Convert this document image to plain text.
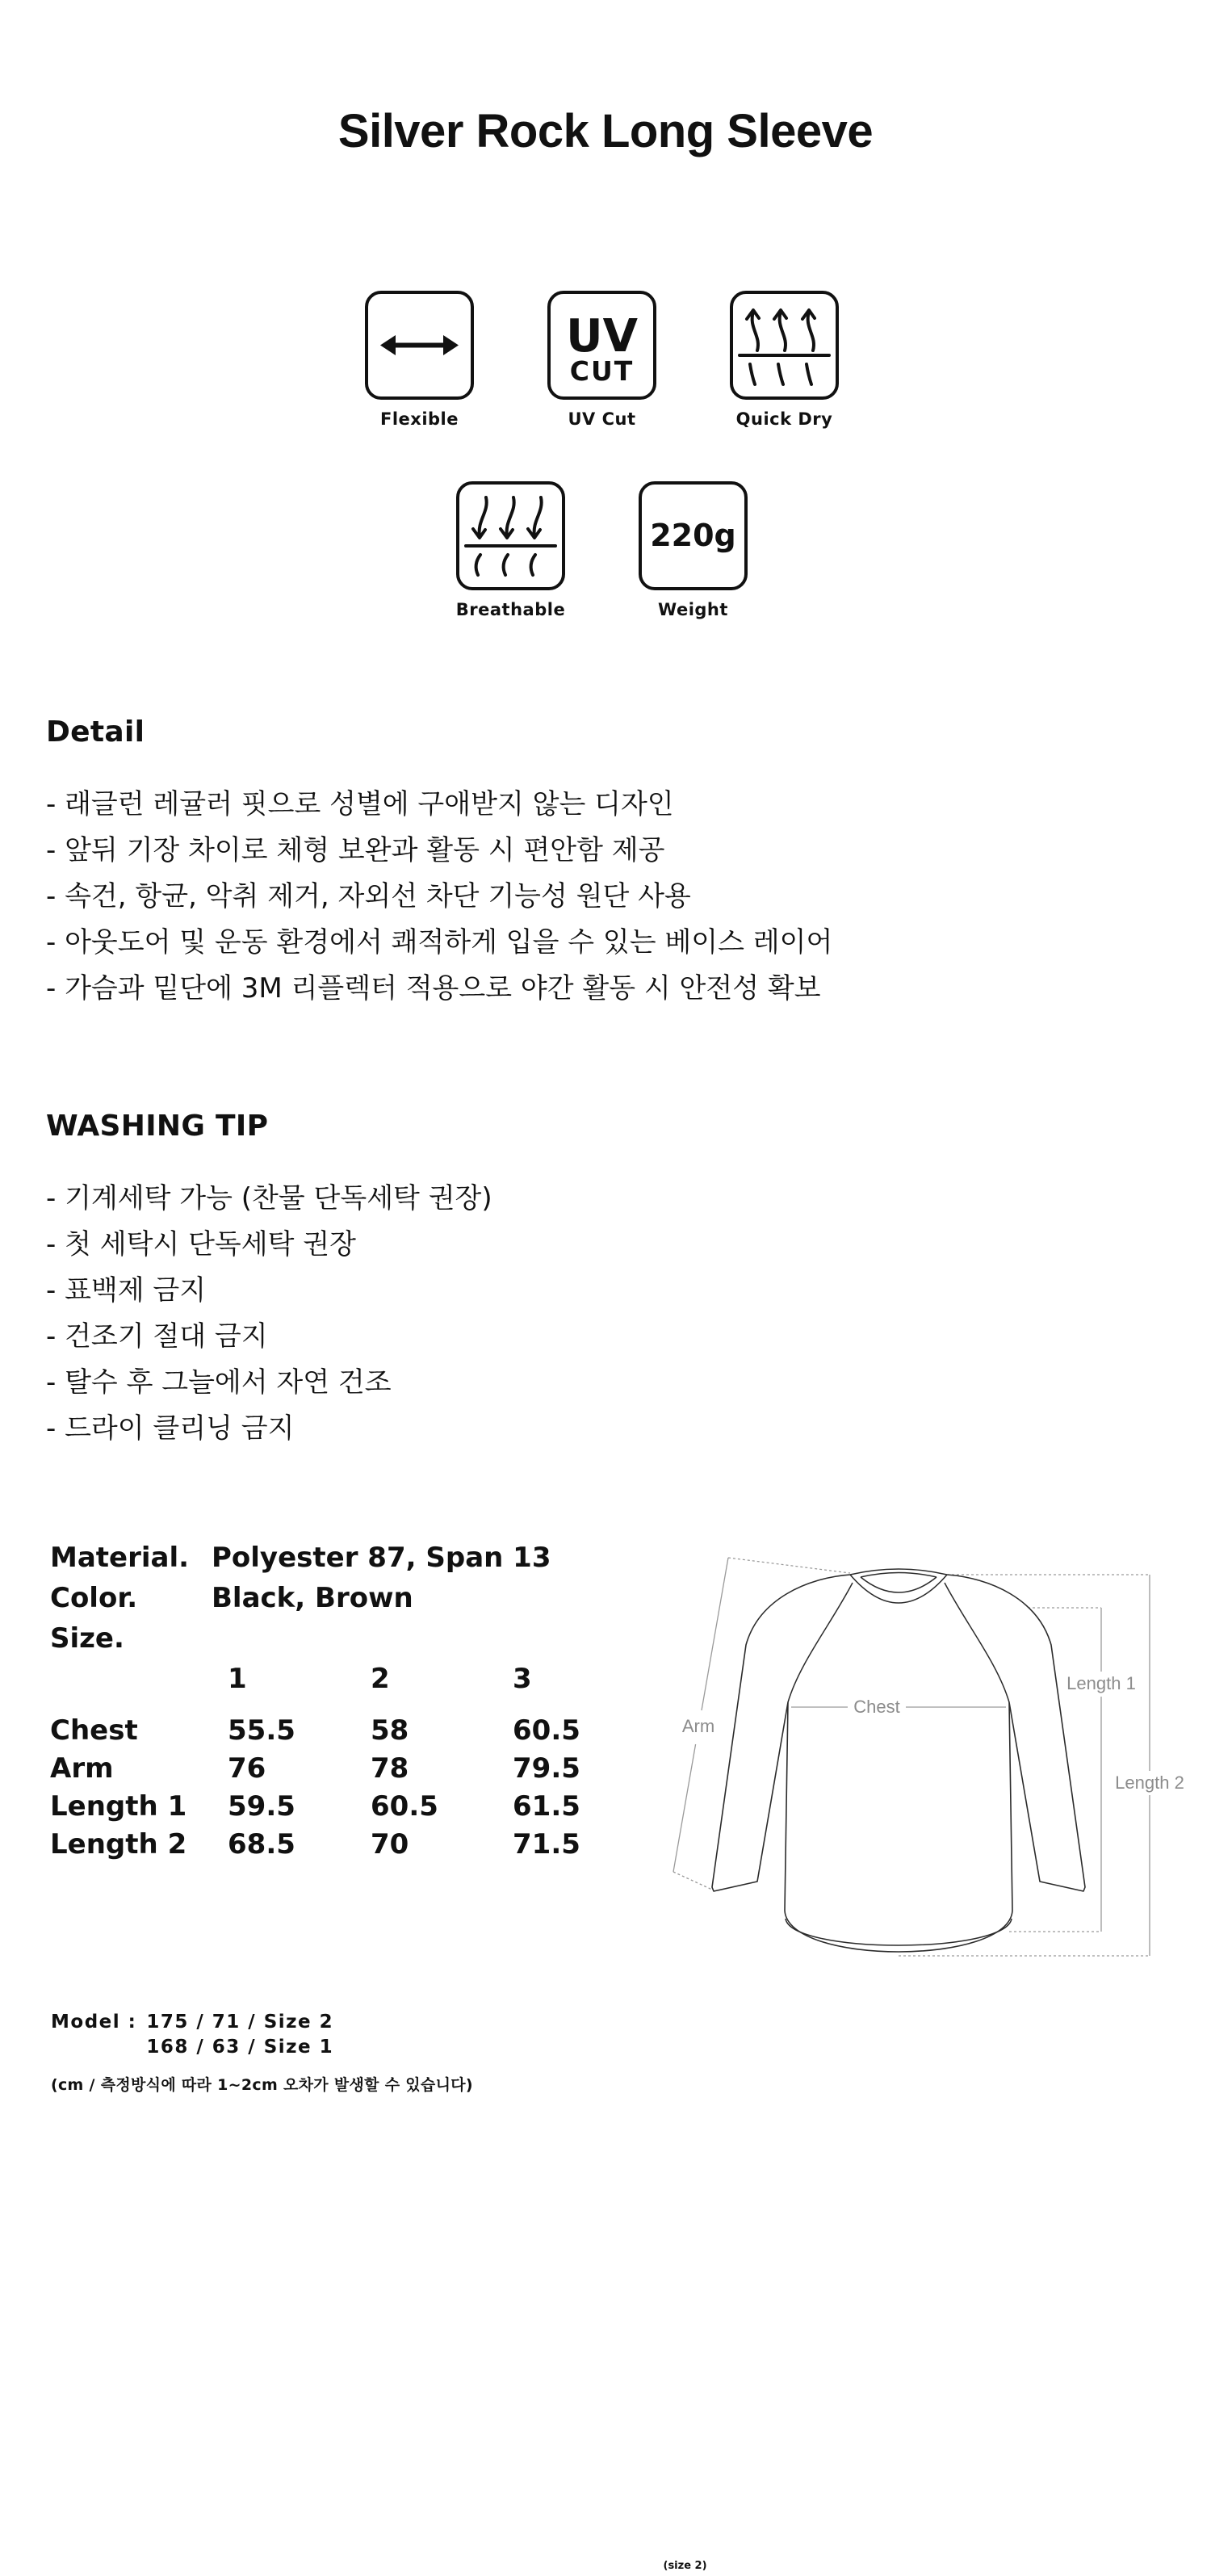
Silver Rock Long Sleeve
Flexible
UV
CUT
UV Cut	Quick Dry
Breathable
220g
Weight
(size 2)
Detail
- 래글런 레귤러 핏으로 성별에 구애받지 않는 디자인
- 앞뒤 기장 차이로 체형 보완과 활동 시 편안함 제공
- 속건, 항균, 악취 제거, 자외선 차단 기능성 원단 사용
- 아웃도어 및 운동 환경에서 쾌적하게 입을 수 있는 베이스 레이어
- 가슴과 밑단에 3M 리플렉터 적용으로 야간 활동 시 안전성 확보
WASHING TIP
- 기계세탁 가능 (찬물 단독세탁 권장)
- 첫 세탁시 단독세탁 권장
- 표백제 금지
- 건조기 절대 금지
- 탈수 후 그늘에서 자연 건조
- 드라이 클리닝 금지
Material. Polyester 87, Span 13
Color.	Black, Brown
Size.
1	2	3
Chest	55.5	58	60.5
Arm	76	78	79.5
Length 1	59.5	60.5	61.5
Length 2	68.5	70	71.5
Arm
Chest
Length 1
Length 2
Model : 175 / 71 / Size 2
168 / 63 / Size 1
(cm / 측정방식에 따라 1~2cm 오차가 발생할 수 있습니다)
